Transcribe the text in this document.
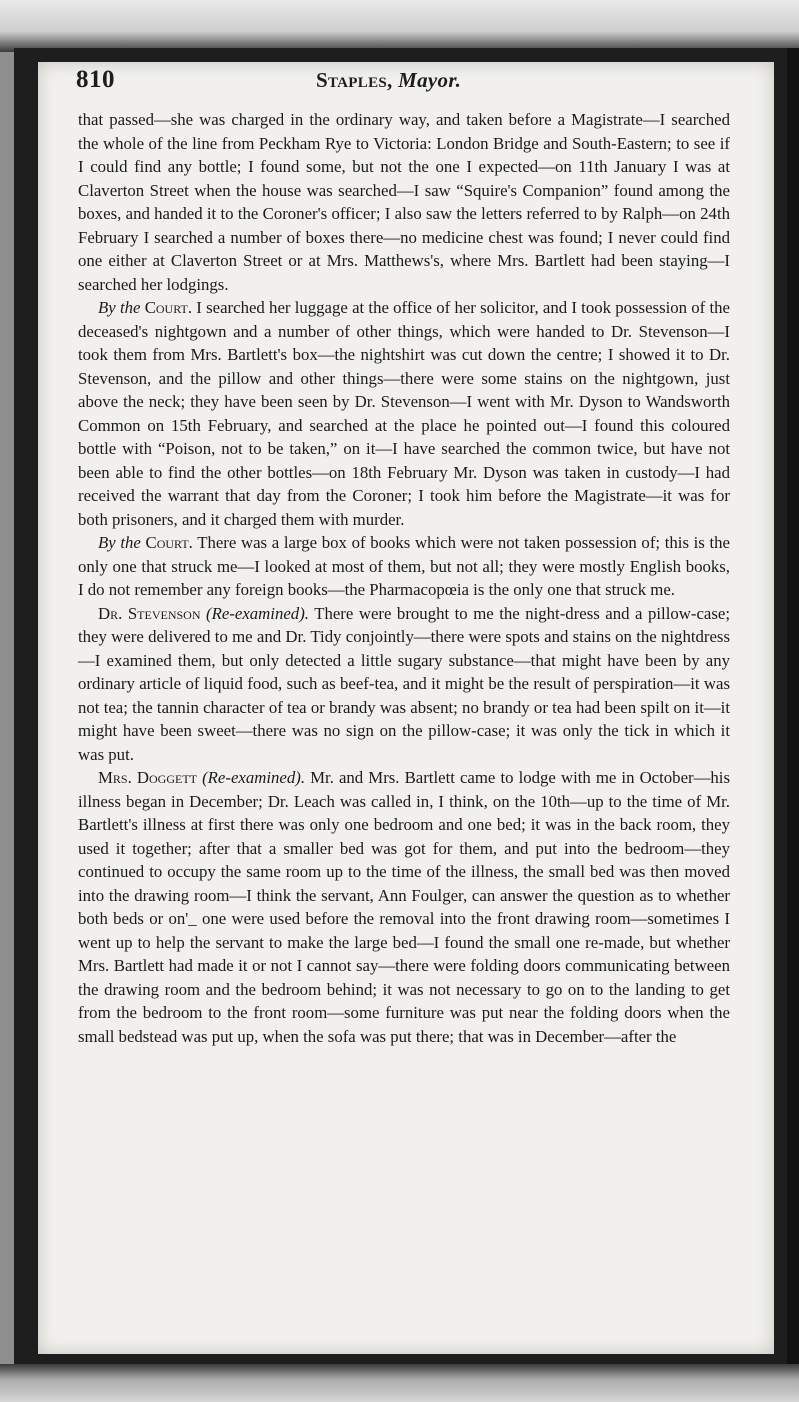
810	Staples, Mayor.

that passed—she was charged in the ordinary way, and taken before a Magistrate—I searched the whole of the line from Peckham Rye to Victoria: London Bridge and South-Eastern; to see if I could find any bottle; I found some, but not the one I expected—on 11th January I was at Claverton Street when the house was searched—I saw “Squire's Companion” found among the boxes, and handed it to the Coroner's officer; I also saw the letters referred to by Ralph—on 24th February I searched a number of boxes there—no medicine chest was found; I never could find one either at Claverton Street or at Mrs. Matthews's, where Mrs. Bartlett had been staying—I searched her lodgings.

By the Court. I searched her luggage at the office of her solicitor, and I took possession of the deceased's nightgown and a number of other things, which were handed to Dr. Stevenson—I took them from Mrs. Bartlett's box—the nightshirt was cut down the centre; I showed it to Dr. Stevenson, and the pillow and other things—there were some stains on the nightgown, just above the neck; they have been seen by Dr. Stevenson—I went with Mr. Dyson to Wandsworth Common on 15th February, and searched at the place he pointed out—I found this coloured bottle with “Poison, not to be taken,” on it—I have searched the common twice, but have not been able to find the other bottles—on 18th February Mr. Dyson was taken in custody—I had received the warrant that day from the Coroner; I took him before the Magistrate—it was for both prisoners, and it charged them with murder.

By the Court. There was a large box of books which were not taken possession of; this is the only one that struck me—I looked at most of them, but not all; they were mostly English books, I do not remember any foreign books—the Pharmacopœia is the only one that struck me.

Dr. Stevenson (Re-examined). There were brought to me the night-dress and a pillow-case; they were delivered to me and Dr. Tidy conjointly—there were spots and stains on the nightdress—I examined them, but only detected a little sugary substance—that might have been by any ordinary article of liquid food, such as beef-tea, and it might be the result of perspiration—it was not tea; the tannin character of tea or brandy was absent; no brandy or tea had been spilt on it—it might have been sweet—there was no sign on the pillow-case; it was only the tick in which it was put.

Mrs. Doggett (Re-examined). Mr. and Mrs. Bartlett came to lodge with me in October—his illness began in December; Dr. Leach was called in, I think, on the 10th—up to the time of Mr. Bartlett's illness at first there was only one bedroom and one bed; it was in the back room, they used it together; after that a smaller bed was got for them, and put into the bedroom—they continued to occupy the same room up to the time of the illness, the small bed was then moved into the drawing room—I think the servant, Ann Foulger, can answer the question as to whether both beds or on'_ one were used before the removal into the front drawing room—sometimes I went up to help the servant to make the large bed—I found the small one re-made, but whether Mrs. Bartlett had made it or not I cannot say—there were folding doors communicating between the drawing room and the bedroom behind; it was not necessary to go on to the landing to get from the bedroom to the front room—some furniture was put near the folding doors when the small bedstead was put up, when the sofa was put there; that was in December—after the
